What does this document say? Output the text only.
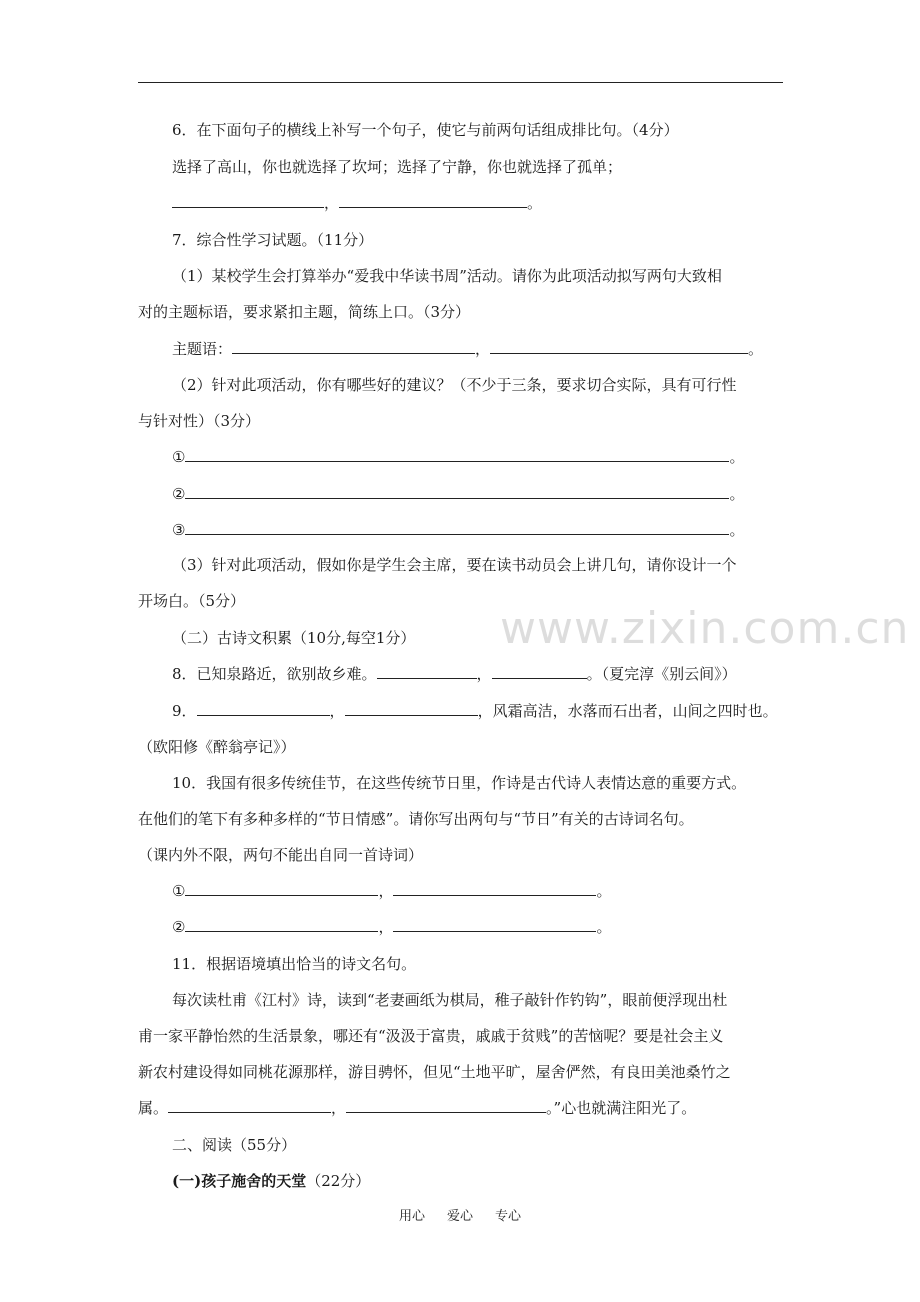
6．在下面句子的横线上补写一个句子，使它与前两句话组成排比句。（4分）
选择了高山，你也就选择了坎坷；选择了宁静，你也就选择了孤单；
，	。
7．综合性学习试题。（11分）
（1）某校学生会打算举办“爱我中华读书周”活动。请你为此项活动拟写两句大致相
对的主题标语，要求紧扣主题，简练上口。（3分）
主题语：	，	。
（2）针对此项活动，你有哪些好的建议？（不少于三条，要求切合实际，具有可行性
与针对性）（3分）
①	。
②	。
③	。
（3）针对此项活动，假如你是学生会主席，要在读书动员会上讲几句，请你设计一个
开场白。（5分）
www.zixin.com.cn
（二）古诗文积累（10分,每空1分）
8．已知泉路近，欲别故乡难。	，	。（夏完淳《别云间》）
9．	，	，风霜高洁，水落而石出者，山间之四时也。
（欧阳修《醉翁亭记》）
10．我国有很多传统佳节，在这些传统节日里，作诗是古代诗人表情达意的重要方式。
在他们的笔下有多种多样的“节日情感”。请你写出两句与“节日”有关的古诗词名句。
（课内外不限，两句不能出自同一首诗词）
①	，	。
②	，	。
11．根据语境填出恰当的诗文名句。
每次读杜甫《江村》诗，读到“老妻画纸为棋局，稚子敲针作钓钩”，眼前便浮现出杜
甫一家平静怡然的生活景象，哪还有“汲汲于富贵，戚戚于贫贱”的苦恼呢？要是社会主义
新农村建设得如同桃花源那样，游目骋怀，但见“土地平旷，屋舍俨然，有良田美池桑竹之
属。	，	。”心也就满注阳光了。
二、阅读（55分）
(一)孩子施舍的天堂（22分）
用心 爱心 专心
